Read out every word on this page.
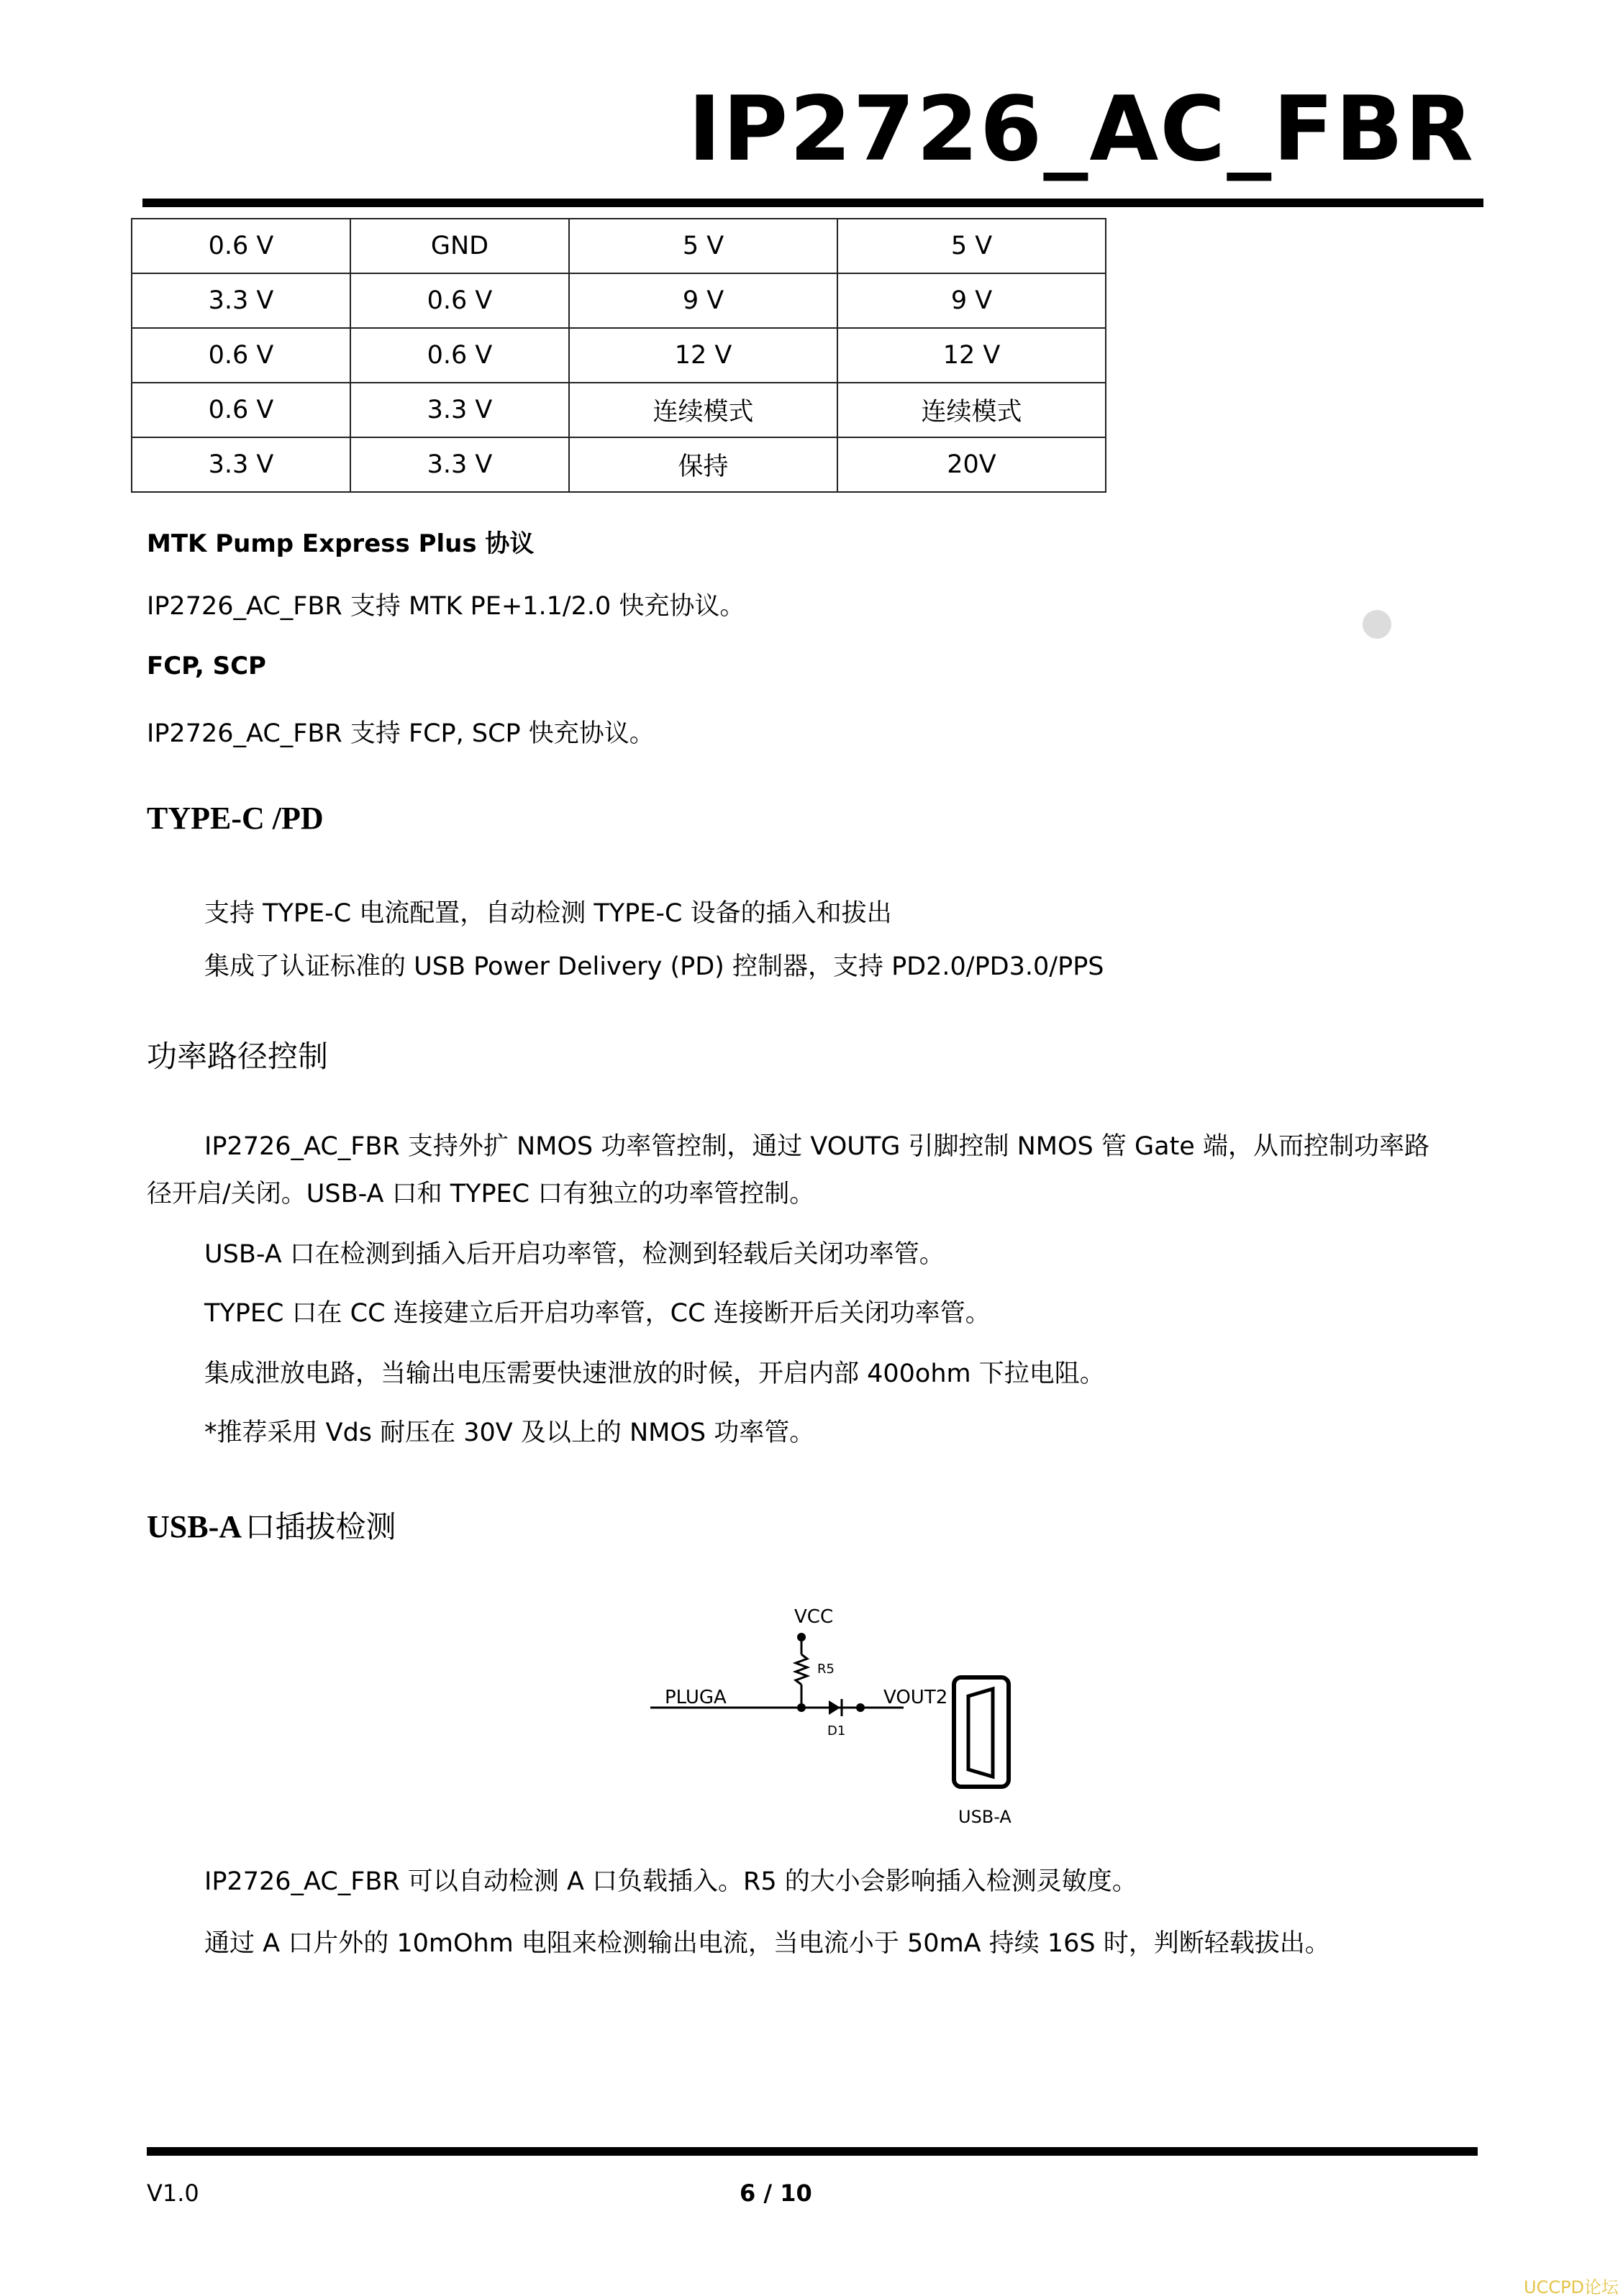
IP2726_AC_FBR
0.6 V	GND	5 V	5 V
3.3 V	0.6 V	9 V	9 V
0.6 V	0.6 V	12 V	12 V
0.6 V	3.3 V	连续模式	连续模式
3.3 V	3.3 V	保持	20V
MTK Pump Express Plus 协议
IP2726_AC_FBR 支持 MTK PE+1.1/2.0 快充协议。
FCP, SCP
IP2726_AC_FBR 支持 FCP, SCP 快充协议。
TYPE-C /PD
支持 TYPE-C 电流配置，自动检测 TYPE-C 设备的插入和拔出
集成了认证标准的 USB Power Delivery (PD) 控制器，支持 PD2.0/PD3.0/PPS
功率路径控制
IP2726_AC_FBR 支持外扩 NMOS 功率管控制，通过 VOUTG 引脚控制 NMOS 管 Gate 端，从而控制功率路
径开启/关闭。USB-A 口和 TYPEC 口有独立的功率管控制。
USB-A 口在检测到插入后开启功率管，检测到轻载后关闭功率管。
TYPEC 口在 CC 连接建立后开启功率管，CC 连接断开后关闭功率管。
集成泄放电路，当输出电压需要快速泄放的时候，开启内部 400ohm 下拉电阻。
*推荐采用 Vds 耐压在 30V 及以上的 NMOS 功率管。
USB-A 口插拔检测
VCC
R5
PLUGA
D1
VOUT2
USB-A
IP2726_AC_FBR 可以自动检测 A 口负载插入。R5 的大小会影响插入检测灵敏度。
通过 A 口片外的 10mOhm 电阻来检测输出电流，当电流小于 50mA 持续 16S 时，判断轻载拔出。
V1.0	6 / 10
UCCPD论坛
